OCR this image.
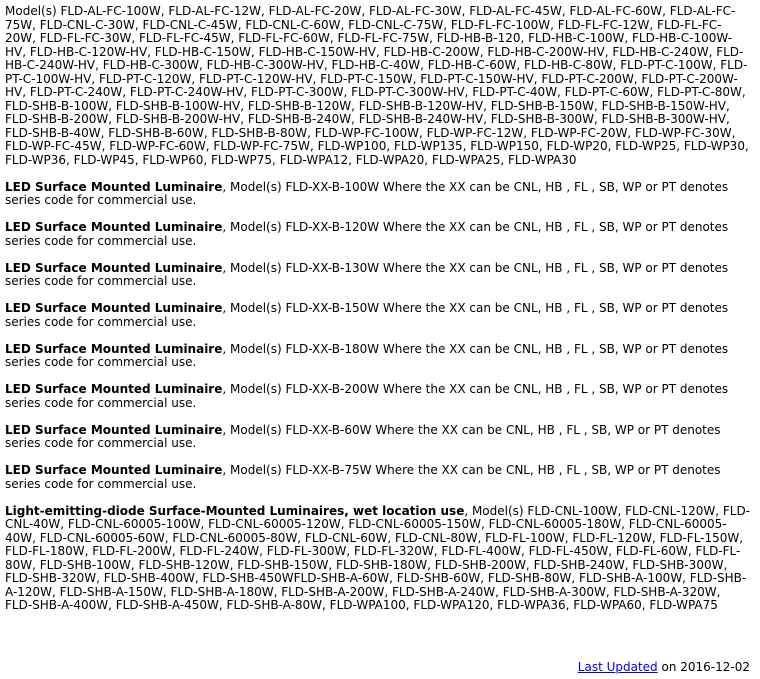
Model(s) FLD-AL-FC-100W, FLD-AL-FC-12W, FLD-AL-FC-20W, FLD-AL-FC-30W, FLD-AL-FC-45W, FLD-AL-FC-60W, FLD-AL-FC-75W, FLD-CNL-C-30W, FLD-CNL-C-45W, FLD-CNL-C-60W, FLD-CNL-C-75W, FLD-FL-FC-100W, FLD-FL-FC-12W, FLD-FL-FC-20W, FLD-FL-FC-30W, FLD-FL-FC-45W, FLD-FL-FC-60W, FLD-FL-FC-75W, FLD-HB-B-120, FLD-HB-C-100W, FLD-HB-C-100W-HV, FLD-HB-C-120W-HV, FLD-HB-C-150W, FLD-HB-C-150W-HV, FLD-HB-C-200W, FLD-HB-C-200W-HV, FLD-HB-C-240W, FLD-HB-C-240W-HV, FLD-HB-C-300W, FLD-HB-C-300W-HV, FLD-HB-C-40W, FLD-HB-C-60W, FLD-HB-C-80W, FLD-PT-C-100W, FLD-PT-C-100W-HV, FLD-PT-C-120W, FLD-PT-C-120W-HV, FLD-PT-C-150W, FLD-PT-C-150W-HV, FLD-PT-C-200W, FLD-PT-C-200W-HV, FLD-PT-C-240W, FLD-PT-C-240W-HV, FLD-PT-C-300W, FLD-PT-C-300W-HV, FLD-PT-C-40W, FLD-PT-C-60W, FLD-PT-C-80W, FLD-SHB-B-100W, FLD-SHB-B-100W-HV, FLD-SHB-B-120W, FLD-SHB-B-120W-HV, FLD-SHB-B-150W, FLD-SHB-B-150W-HV, FLD-SHB-B-200W, FLD-SHB-B-200W-HV, FLD-SHB-B-240W, FLD-SHB-B-240W-HV, FLD-SHB-B-300W, FLD-SHB-B-300W-HV, FLD-SHB-B-40W, FLD-SHB-B-60W, FLD-SHB-B-80W, FLD-WP-FC-100W, FLD-WP-FC-12W, FLD-WP-FC-20W, FLD-WP-FC-30W, FLD-WP-FC-45W, FLD-WP-FC-60W, FLD-WP-FC-75W, FLD-WP100, FLD-WP135, FLD-WP150, FLD-WP20, FLD-WP25, FLD-WP30, FLD-WP36, FLD-WP45, FLD-WP60, FLD-WP75, FLD-WPA12, FLD-WPA20, FLD-WPA25, FLD-WPA30

LED Surface Mounted Luminaire, Model(s) FLD-XX-B-100W Where the XX can be CNL, HB , FL , SB, WP or PT denotes series code for commercial use.

LED Surface Mounted Luminaire, Model(s) FLD-XX-B-120W Where the XX can be CNL, HB , FL , SB, WP or PT denotes series code for commercial use.

LED Surface Mounted Luminaire, Model(s) FLD-XX-B-130W Where the XX can be CNL, HB , FL , SB, WP or PT denotes series code for commercial use.

LED Surface Mounted Luminaire, Model(s) FLD-XX-B-150W Where the XX can be CNL, HB , FL , SB, WP or PT denotes series code for commercial use.

LED Surface Mounted Luminaire, Model(s) FLD-XX-B-180W Where the XX can be CNL, HB , FL , SB, WP or PT denotes series code for commercial use.

LED Surface Mounted Luminaire, Model(s) FLD-XX-B-200W Where the XX can be CNL, HB , FL , SB, WP or PT denotes series code for commercial use.

LED Surface Mounted Luminaire, Model(s) FLD-XX-B-60W Where the XX can be CNL, HB , FL , SB, WP or PT denotes series code for commercial use.

LED Surface Mounted Luminaire, Model(s) FLD-XX-B-75W Where the XX can be CNL, HB , FL , SB, WP or PT denotes series code for commercial use.

Light-emitting-diode Surface-Mounted Luminaires, wet location use, Model(s) FLD-CNL-100W, FLD-CNL-120W, FLD-CNL-40W, FLD-CNL-60005-100W, FLD-CNL-60005-120W, FLD-CNL-60005-150W, FLD-CNL-60005-180W, FLD-CNL-60005-40W, FLD-CNL-60005-60W, FLD-CNL-60005-80W, FLD-CNL-60W, FLD-CNL-80W, FLD-FL-100W, FLD-FL-120W, FLD-FL-150W, FLD-FL-180W, FLD-FL-200W, FLD-FL-240W, FLD-FL-300W, FLD-FL-320W, FLD-FL-400W, FLD-FL-450W, FLD-FL-60W, FLD-FL-80W, FLD-SHB-100W, FLD-SHB-120W, FLD-SHB-150W, FLD-SHB-180W, FLD-SHB-200W, FLD-SHB-240W, FLD-SHB-300W, FLD-SHB-320W, FLD-SHB-400W, FLD-SHB-450WFLD-SHB-A-60W, FLD-SHB-60W, FLD-SHB-80W, FLD-SHB-A-100W, FLD-SHB-A-120W, FLD-SHB-A-150W, FLD-SHB-A-180W, FLD-SHB-A-200W, FLD-SHB-A-240W, FLD-SHB-A-300W, FLD-SHB-A-320W, FLD-SHB-A-400W, FLD-SHB-A-450W, FLD-SHB-A-80W, FLD-WPA100, FLD-WPA120, FLD-WPA36, FLD-WPA60, FLD-WPA75

Last Updated on 2016-12-02
